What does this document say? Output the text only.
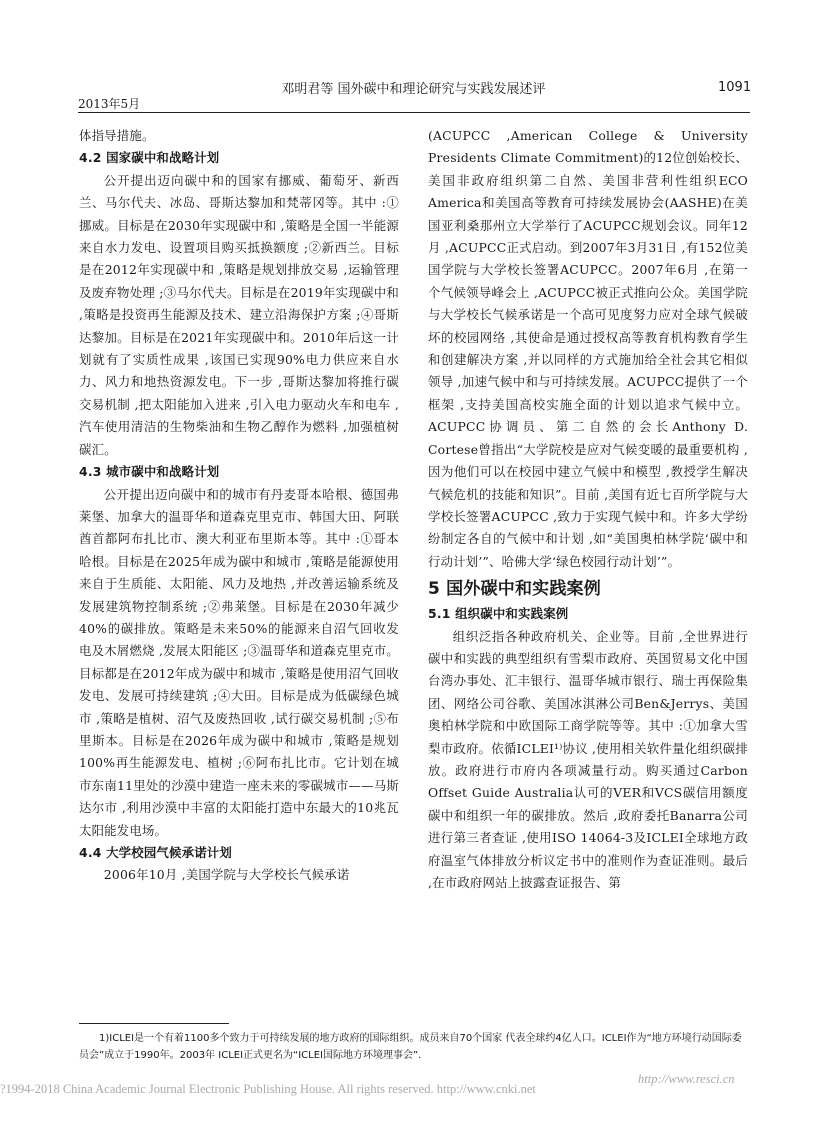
邓明君等 国外碳中和理论研究与实践发展述评	1091
2013年5月

体指导措施。

4.2 国家碳中和战略计划

公开提出迈向碳中和的国家有挪威、葡萄牙、新西兰、马尔代夫、冰岛、哥斯达黎加和梵蒂冈等。其中 :①挪威。目标是在2030年实现碳中和 ,策略是全国一半能源来自水力发电、设置项目购买抵换额度 ;②新西兰。目标是在2012年实现碳中和 ,策略是规划排放交易 ,运输管理及废弃物处理 ;③马尔代夫。目标是在2019年实现碳中和 ,策略是投资再生能源及技术、建立沿海保护方案 ;④哥斯达黎加。目标是在2021年实现碳中和。2010年后这一计划就有了实质性成果 ,该国已实现90%电力供应来自水力、风力和地热资源发电。下一步 ,哥斯达黎加将推行碳交易机制 ,把太阳能加入进来 ,引入电力驱动火车和电车 ,汽车使用清洁的生物柴油和生物乙醇作为燃料 ,加强植树碳汇。

4.3 城市碳中和战略计划

公开提出迈向碳中和的城市有丹麦哥本哈根、德国弗莱堡、加拿大的温哥华和道森克里克市、韩国大田、阿联酋首都阿布扎比市、澳大利亚布里斯本等。其中 :①哥本哈根。目标是在2025年成为碳中和城市 ,策略是能源使用来自于生质能、太阳能、风力及地热 ,并改善运输系统及发展建筑物控制系统 ;②弗莱堡。目标是在2030年减少40%的碳排放。策略是未来50%的能源来自沼气回收发电及木屑燃烧 ,发展太阳能区 ;③温哥华和道森克里克市。目标都是在2012年成为碳中和城市 ,策略是使用沼气回收发电、发展可持续建筑 ;④大田。目标是成为低碳绿色城市 ,策略是植树、沼气及废热回收 ,试行碳交易机制 ;⑤布里斯本。目标是在2026年成为碳中和城市 ,策略是规划100%再生能源发电、植树 ;⑥阿布扎比市。它计划在城市东南11里处的沙漠中建造一座未来的零碳城市——马斯达尔市 ,利用沙漠中丰富的太阳能打造中东最大的10兆瓦太阳能发电场。

4.4 大学校园气候承诺计划

2006年10月 ,美国学院与大学校长气候承诺

(ACUPCC ,American College & University Presidents Climate Commitment)的12位创始校长、美国非政府组织第二自然、美国非营利性组织ECO America和美国高等教育可持续发展协会(AASHE)在美国亚利桑那州立大学举行了ACUPCC规划会议。同年12月 ,ACUPCC正式启动。到2007年3月31日 ,有152位美国学院与大学校长签署ACUPCC。2007年6月 ,在第一个气候领导峰会上 ,ACUPCC被正式推向公众。美国学院与大学校长气候承诺是一个高可见度努力应对全球气候破坏的校园网络 ,其使命是通过授权高等教育机构教育学生和创建解决方案 ,并以同样的方式施加给全社会其它相似领导 ,加速气候中和与可持续发展。ACUPCC提供了一个框架 ,支持美国高校实施全面的计划以追求气候中立。ACUPCC协调员、第二自然的会长Anthony D. Cortese曾指出“大学院校是应对气候变暖的最重要机构 ,因为他们可以在校园中建立气候中和模型 ,教授学生解决气候危机的技能和知识”。目前 ,美国有近七百所学院与大学校长签署ACUPCC ,致力于实现气候中和。许多大学纷纷制定各自的气候中和计划 ,如“美国奥柏林学院‘碳中和行动计划’”、哈佛大学‘绿色校园行动计划’”。

5 国外碳中和实践案例

5.1 组织碳中和实践案例

组织泛指各种政府机关、企业等。目前 ,全世界进行碳中和实践的典型组织有雪梨市政府、英国贸易文化中国台湾办事处、汇丰银行、温哥华城市银行、瑞士再保险集团、网络公司谷歌、美国冰淇淋公司Ben&Jerrys、美国奥柏林学院和中欧国际工商学院等等。其中 :①加拿大雪梨市政府。依循ICLEI¹⁾协议 ,使用相关软件量化组织碳排放。政府进行市府内各项减量行动。购买通过Carbon Offset Guide Australia认可的VER和VCS碳信用额度碳中和组织一年的碳排放。然后 ,政府委托Banarra公司进行第三者查证 ,使用ISO 14064-3及ICLEI全球地方政府温室气体排放分析议定书中的准则作为查证准则。最后 ,在市政府网站上披露查证报告、第

1)ICLEI是一个有着1100多个致力于可持续发展的地方政府的国际组织。成员来自70个国家 代表全球约4亿人口。ICLEI作为“地方环境行动国际委员会”成立于1990年。2003年 ICLEI正式更名为“ICLEI国际地方环境理事会”.
http://www.resci.cn
?1994-2018 China Academic Journal Electronic Publishing House. All rights reserved. http://www.cnki.net
